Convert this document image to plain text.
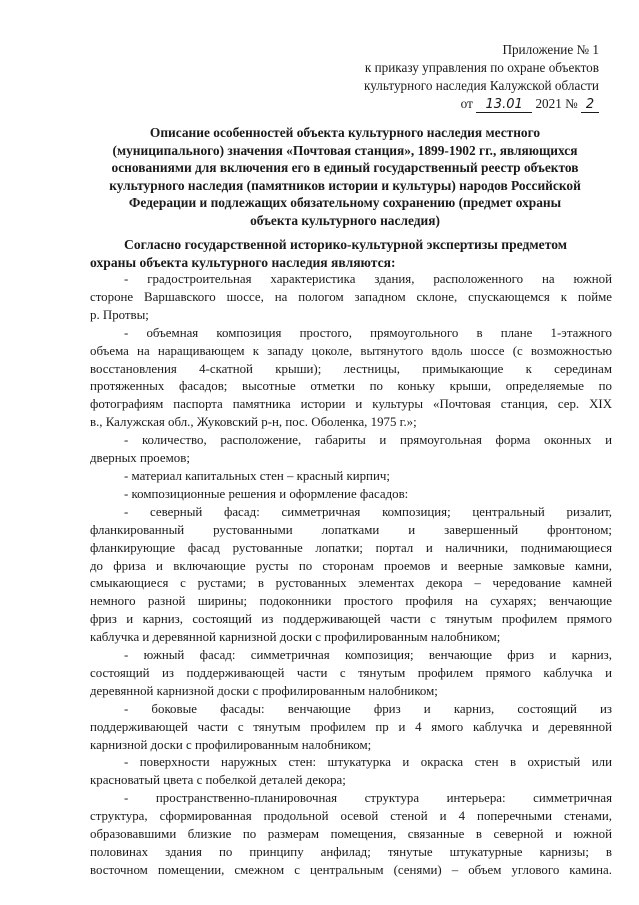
Приложение № 1
к приказу управления по охране объектов
культурного наследия Калужской области
от 13.01 2021 № 2
Описание особенностей объекта культурного наследия местного
(муниципального) значения «Почтовая станция», 1899-1902 гг., являющихся
основаниями для включения его в единый государственный реестр объектов
культурного наследия (памятников истории и культуры) народов Российской
Федерации и подлежащих обязательному сохранению (предмет охраны
объекта культурного наследия)
Согласно государственной историко-культурной экспертизы предметом
охраны объекта культурного наследия являются:
- градостроительная характеристика здания, расположенного на южной
стороне Варшавского шоссе, на пологом западном склоне, спускающемся к пойме
р. Протвы;
- объемная композиция простого, прямоугольного в плане 1-этажного
объема на наращивающем к западу цоколе, вытянутого вдоль шоссе (с возможностью
восстановления 4-скатной крыши); лестницы, примыкающие к серединам
протяженных фасадов; высотные отметки по коньку крыши, определяемые по
фотографиям паспорта памятника истории и культуры «Почтовая станция, сер. XIX
в., Калужская обл., Жуковский р-н, пос. Оболенка, 1975 г.»;
- количество, расположение, габариты и прямоугольная форма оконных и
дверных проемов;
- материал капитальных стен – красный кирпич;
- композиционные решения и оформление фасадов:
- северный фасад: симметричная композиция; центральный ризалит,
фланкированный рустованными лопатками и завершенный фронтоном;
фланкирующие фасад рустованные лопатки; портал и наличники, поднимающиеся
до фриза и включающие русты по сторонам проемов и веерные замковые камни,
смыкающиеся с рустами; в рустованных элементах декора – чередование камней
немного разной ширины; подоконники простого профиля на сухарях; венчающие
фриз и карниз, состоящий из поддерживающей части с тянутым профилем прямого
каблучка и деревянной карнизной доски с профилированным налобником;
- южный фасад: симметричная композиция; венчающие фриз и карниз,
состоящий из поддерживающей части с тянутым профилем прямого каблучка и
деревянной карнизной доски с профилированным налобником;
- боковые фасады: венчающие фриз и карниз, состоящий из
поддерживающей части с тянутым профилем пр и 4 ямого каблучка и деревянной
карнизной доски с профилированным налобником;
- поверхности наружных стен: штукатурка и окраска стен в охристый или
красноватый цвета с побелкой деталей декора;
- пространственно-планировочная структура интерьера: симметричная
структура, сформированная продольной осевой стеной и 4 поперечными стенами,
образовавшими близкие по размерам помещения, связанные в северной и южной
половинах здания по принципу анфилад; тянутые штукатурные карнизы; в
восточном помещении, смежном с центральным (сенями) – объем углового камина.
